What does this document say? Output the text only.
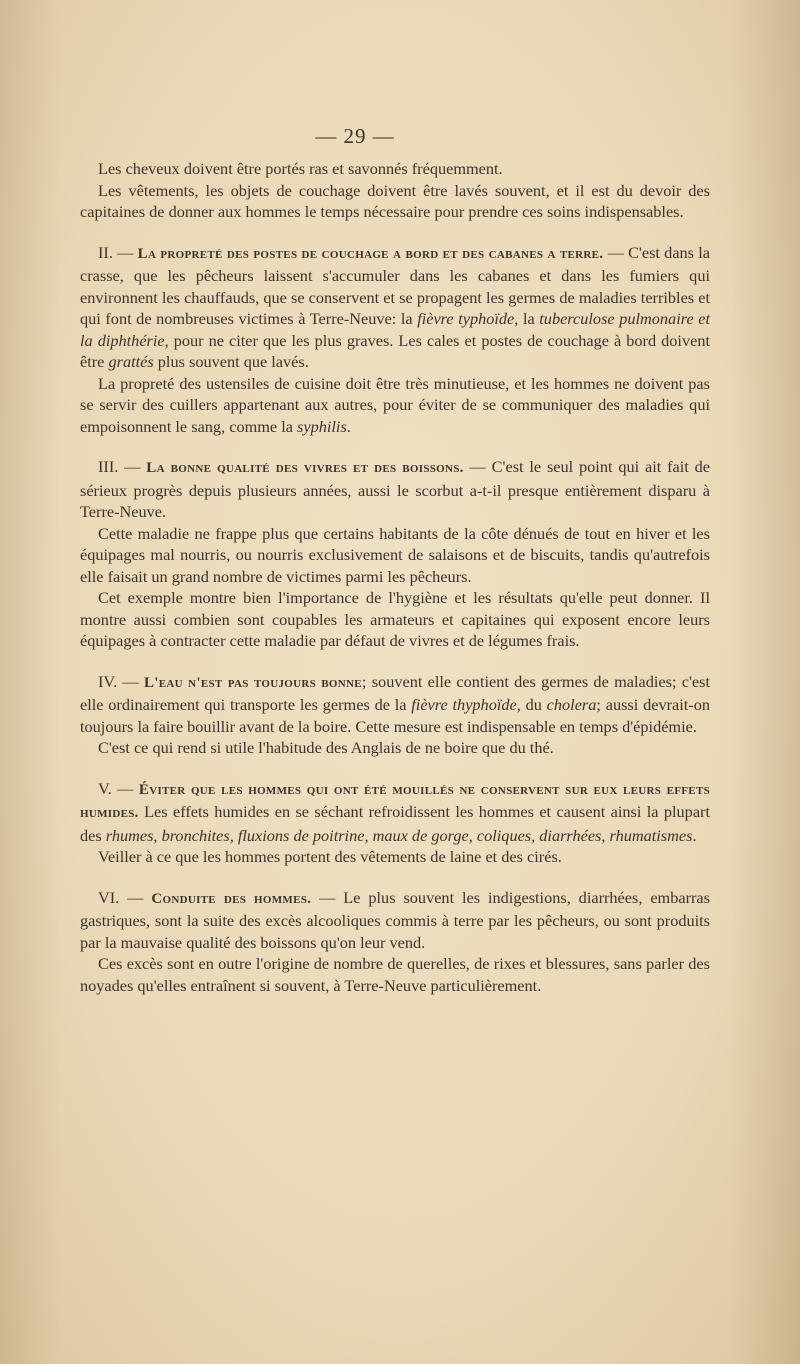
— 29 —

Les cheveux doivent être portés ras et savonnés fréquemment.

Les vêtements, les objets de couchage doivent être lavés souvent, et il est du devoir des capitaines de donner aux hommes le temps nécessaire pour prendre ces soins indispensables.

II. — La propreté des postes de couchage a bord et des cabanes a terre. — C'est dans la crasse, que les pêcheurs laissent s'accumuler dans les cabanes et dans les fumiers qui environnent les chauffauds, que se conservent et se propagent les germes de maladies terribles et qui font de nombreuses victimes à Terre-Neuve: la fièvre typhoïde, la tuberculose pulmonaire et la diphthérie, pour ne citer que les plus graves. Les cales et postes de couchage à bord doivent être grattés plus souvent que lavés.

La propreté des ustensiles de cuisine doit être très minutieuse, et les hommes ne doivent pas se servir des cuillers appartenant aux autres, pour éviter de se communiquer des maladies qui empoisonnent le sang, comme la syphilis.

III. — La bonne qualité des vivres et des boissons. — C'est le seul point qui ait fait de sérieux progrès depuis plusieurs années, aussi le scorbut a-t-il presque entièrement disparu à Terre-Neuve.

Cette maladie ne frappe plus que certains habitants de la côte dénués de tout en hiver et les équipages mal nourris, ou nourris exclusivement de salaisons et de biscuits, tandis qu'autrefois elle faisait un grand nombre de victimes parmi les pêcheurs.

Cet exemple montre bien l'importance de l'hygiène et les résultats qu'elle peut donner. Il montre aussi combien sont coupables les armateurs et capitaines qui exposent encore leurs équipages à contracter cette maladie par défaut de vivres et de légumes frais.

IV. — L'eau n'est pas toujours bonne; souvent elle contient des germes de maladies; c'est elle ordinairement qui transporte les germes de la fièvre thyphoïde, du cholera; aussi devrait-on toujours la faire bouillir avant de la boire. Cette mesure est indispensable en temps d'épidémie.

C'est ce qui rend si utile l'habitude des Anglais de ne boire que du thé.

V. — Éviter que les hommes qui ont été mouillés ne conservent sur eux leurs effets humides. Les effets humides en se séchant refroidissent les hommes et causent ainsi la plupart des rhumes, bronchites, fluxions de poitrine, maux de gorge, coliques, diarrhées, rhumatismes.

Veiller à ce que les hommes portent des vêtements de laine et des cirés.

VI. — Conduite des hommes. — Le plus souvent les indigestions, diarrhées, embarras gastriques, sont la suite des excès alcooliques commis à terre par les pêcheurs, ou sont produits par la mauvaise qualité des boissons qu'on leur vend.

Ces excès sont en outre l'origine de nombre de querelles, de rixes et blessures, sans parler des noyades qu'elles entraînent si souvent, à Terre-Neuve particulièrement.
